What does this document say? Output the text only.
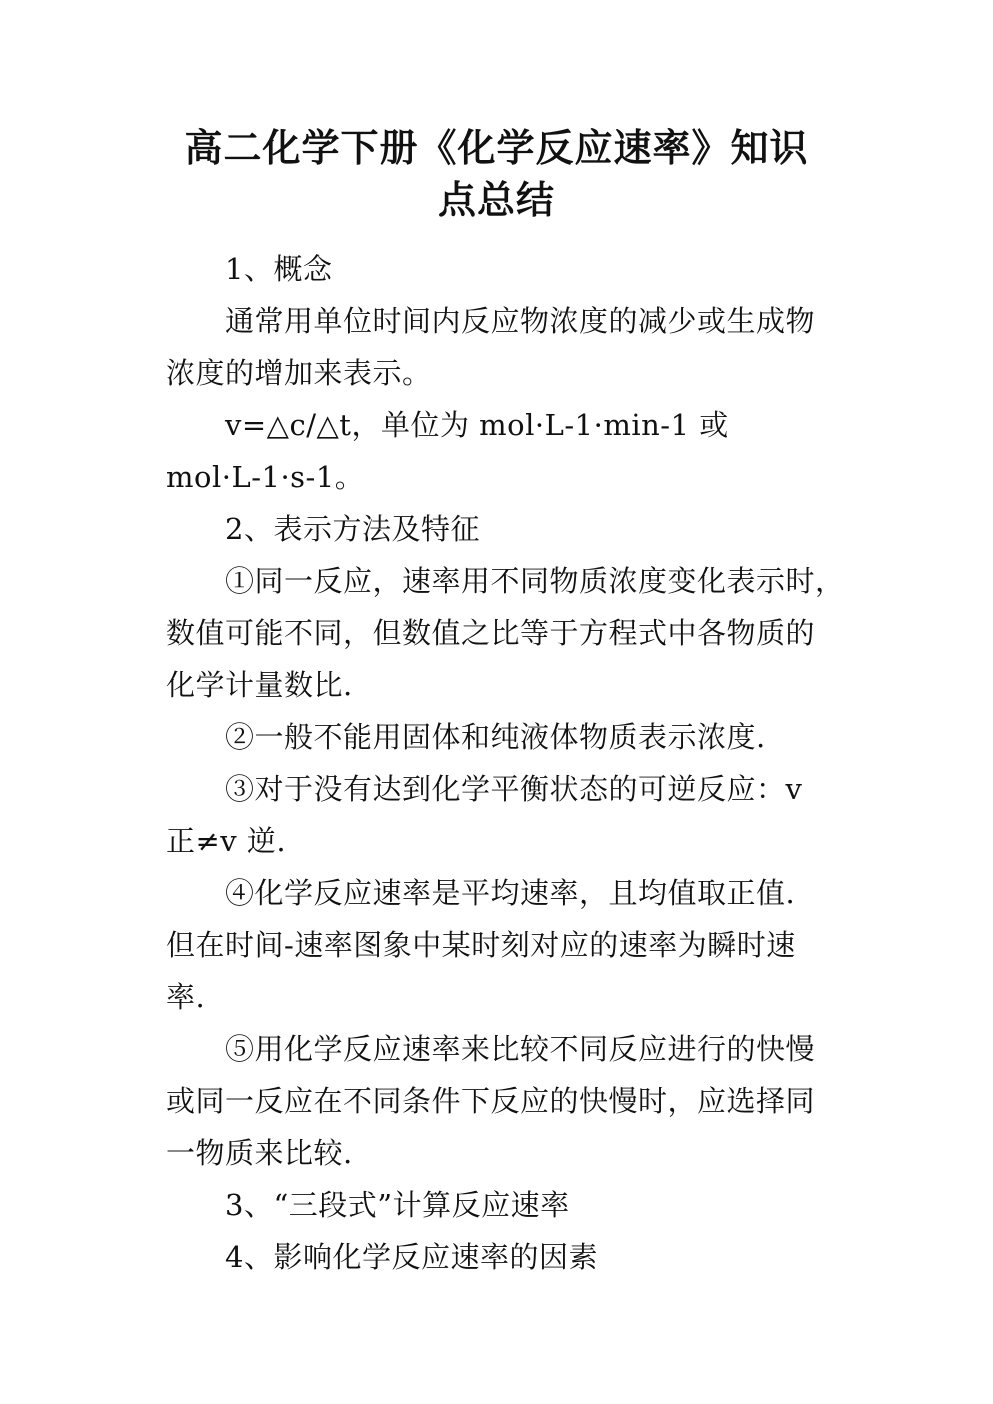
高二化学下册《化学反应速率》知识
点总结
1、概念
通常用单位时间内反应物浓度的减少或生成物
浓度的增加来表示。
v=△c/△t，单位为 mol·L-1·min-1 或
mol·L-1·s-1。
2、表示方法及特征
①同一反应，速率用不同物质浓度变化表示时，
数值可能不同，但数值之比等于方程式中各物质的
化学计量数比.
②一般不能用固体和纯液体物质表示浓度.
③对于没有达到化学平衡状态的可逆反应：v
正≠v 逆.
④化学反应速率是平均速率，且均值取正值.
但在时间-速率图象中某时刻对应的速率为瞬时速
率.
⑤用化学反应速率来比较不同反应进行的快慢
或同一反应在不同条件下反应的快慢时，应选择同
一物质来比较.
3、“三段式”计算反应速率
4、影响化学反应速率的因素
